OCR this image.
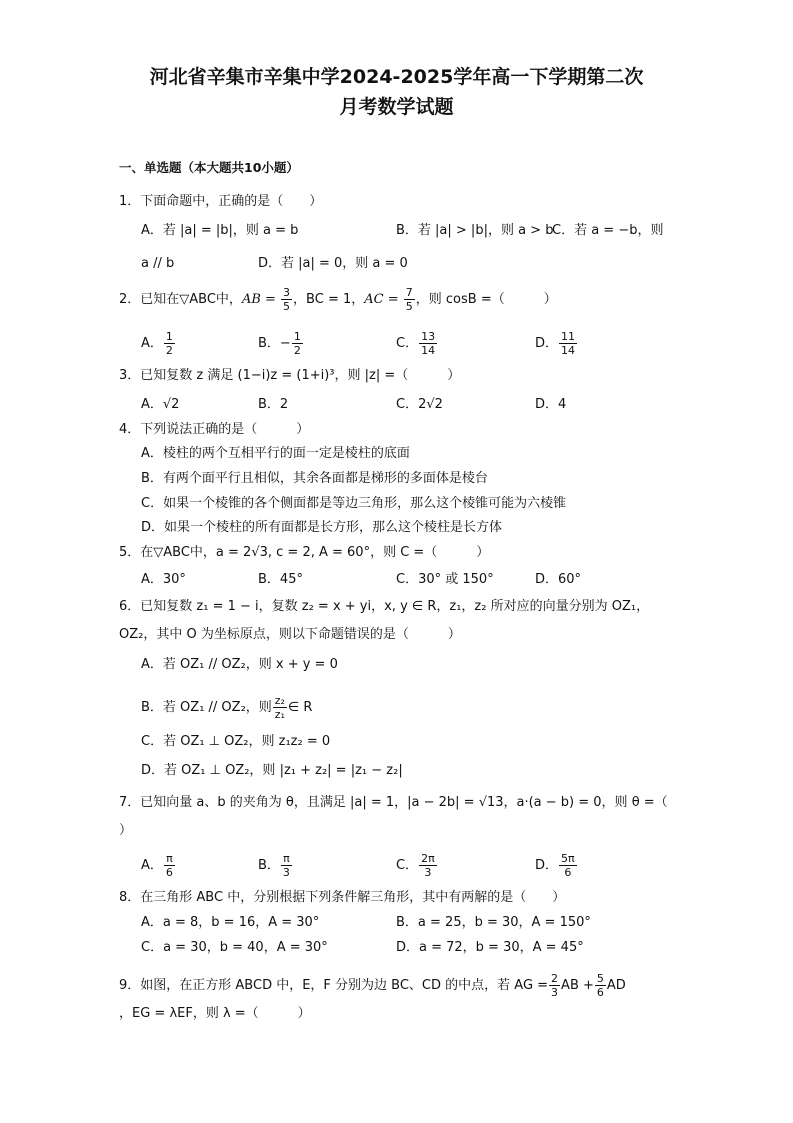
河北省辛集市辛集中学2024-2025学年高一下学期第二次
月考数学试题
一、单选题（本大题共10小题）
1．下面命题中，正确的是（　　）
A．若 |a| = |b|，则 a = b	B．若 |a| > |b|，则 a > b
C．若 a = −b，则
a // b	D．若 |a| = 0，则 a = 0
2．已知在▽ABC中，AB = $\frac{3}{5}$ ，BC = 1，AC = $\frac{7}{5}$ ，则 cosB =（　　　）
A． $\frac{1}{2}$	B．− $\frac{1}{2}$	C． $\frac{13}{14}$	D． $\frac{11}{14}$
3．已知复数 z 满足 (1−i)z = (1+i)³，则 |z| =（　　　）
A．√2	B．2	C．2√2	D．4
4．下列说法正确的是（　　　）
A．棱柱的两个互相平行的面一定是棱柱的底面
B．有两个面平行且相似，其余各面都是梯形的多面体是棱台
C．如果一个棱锥的各个侧面都是等边三角形，那么这个棱锥可能为六棱锥
D．如果一个棱柱的所有面都是长方形，那么这个棱柱是长方体
5．在▽ABC中，a = 2√3, c = 2, A = 60°，则 C =（　　　）
A．30°	B．45°	C．30° 或 150°	D．60°
6．已知复数 z₁ = 1 − i，复数 z₂ = x + yi，x, y ∈ R，z₁，z₂ 所对应的向量分别为 OZ₁，
OZ₂，其中 O 为坐标原点，则以下命题错误的是（　　　）
A．若 OZ₁ // OZ₂，则 x + y = 0
B．若 OZ₁ // OZ₂，则 $\frac{\text{z₂}}{\text{z₁}}$ ∈ R
C．若 OZ₁ ⊥ OZ₂，则 z₁z₂ = 0
D．若 OZ₁ ⊥ OZ₂，则 |z₁ + z₂| = |z₁ − z₂|
7．已知向量 a、b 的夹角为 θ，且满足 |a| = 1，|a − 2b| = √13，a·(a − b) = 0，则 θ =（
）
A． $\frac{\pi}{6}$	B． $\frac{\pi}{3}$	C． $\frac{2\pi}{3}$	D． $\frac{5\pi}{6}$
8．在三角形 ABC 中，分别根据下列条件解三角形，其中有两解的是（　　）
A．a = 8，b = 16，A = 30°	B．a = 25，b = 30，A = 150°
C．a = 30，b = 40，A = 30°	D．a = 72，b = 30，A = 45°
9．如图，在正方形 ABCD 中，E，F 分别为边 BC、CD 的中点，若 AG = $\frac{2}{3}$ AB + $\frac{5}{6}$ AD
，EG = λEF，则 λ =（　　　）
